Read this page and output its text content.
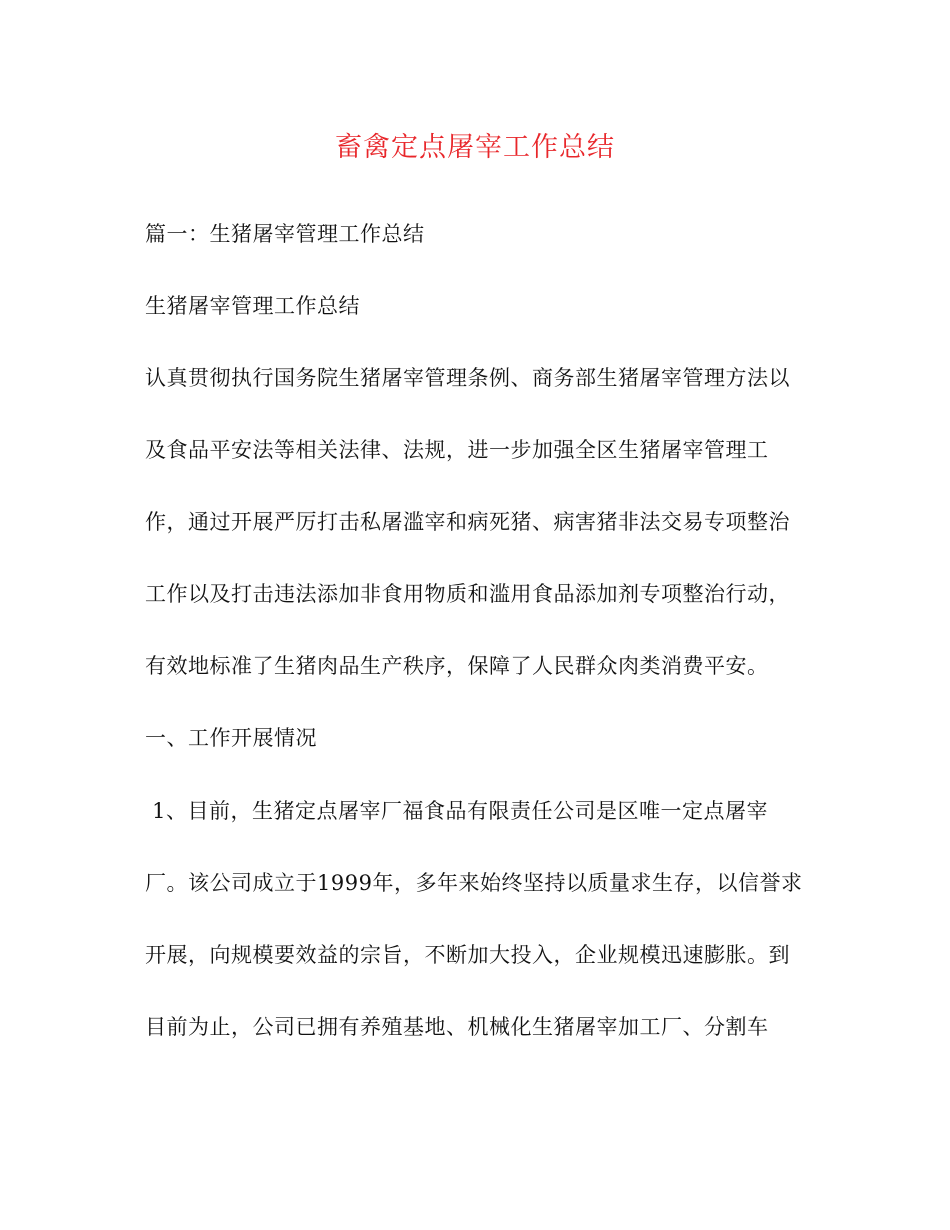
畜禽定点屠宰工作总结
篇一：生猪屠宰管理工作总结
生猪屠宰管理工作总结
认真贯彻执行国务院生猪屠宰管理条例、商务部生猪屠宰管理方法以
及食品平安法等相关法律、法规，进一步加强全区生猪屠宰管理工
作，通过开展严厉打击私屠滥宰和病死猪、病害猪非法交易专项整治
工作以及打击违法添加非食用物质和滥用食品添加剂专项整治行动，
有效地标准了生猪肉品生产秩序，保障了人民群众肉类消费平安。
一、工作开展情况
1、目前，生猪定点屠宰厂福食品有限责任公司是区唯一定点屠宰
厂。该公司成立于1999年，多年来始终坚持以质量求生存，以信誉求
开展，向规模要效益的宗旨，不断加大投入，企业规模迅速膨胀。到
目前为止，公司已拥有养殖基地、机械化生猪屠宰加工厂、分割车
